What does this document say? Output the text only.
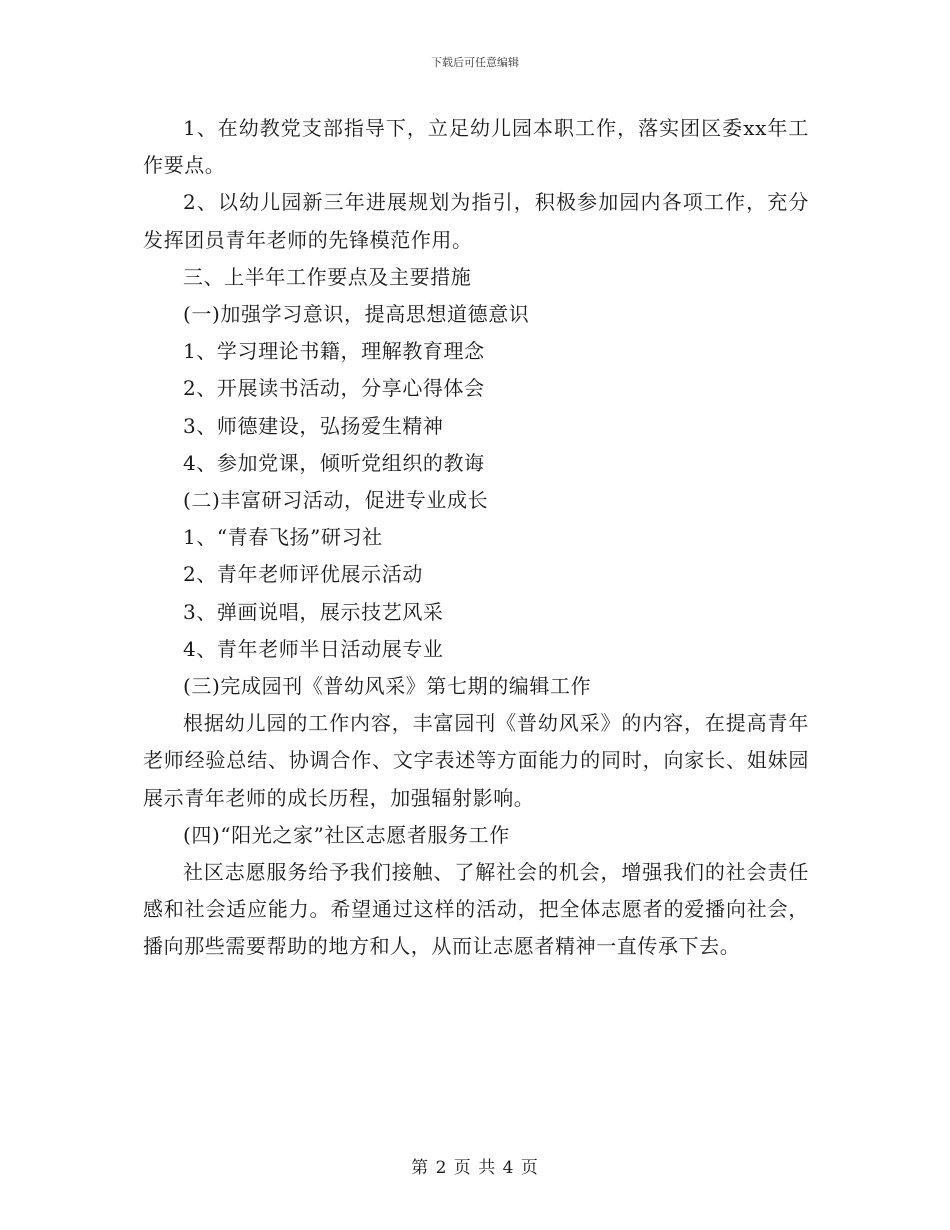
下载后可任意编辑

1、在幼教党支部指导下，立足幼儿园本职工作，落实团区委xx年工作要点。

2、以幼儿园新三年进展规划为指引，积极参加园内各项工作，充分发挥团员青年老师的先锋模范作用。

三、上半年工作要点及主要措施

(一)加强学习意识，提高思想道德意识

1、学习理论书籍，理解教育理念

2、开展读书活动，分享心得体会

3、师德建设，弘扬爱生精神

4、参加党课，倾听党组织的教诲

(二)丰富研习活动，促进专业成长

1、“青春飞扬”研习社

2、青年老师评优展示活动

3、弹画说唱，展示技艺风采

4、青年老师半日活动展专业

(三)完成园刊《普幼风采》第七期的编辑工作

根据幼儿园的工作内容，丰富园刊《普幼风采》的内容，在提高青年老师经验总结、协调合作、文字表述等方面能力的同时，向家长、姐妹园展示青年老师的成长历程，加强辐射影响。

(四)“阳光之家”社区志愿者服务工作

社区志愿服务给予我们接触、了解社会的机会，增强我们的社会责任感和社会适应能力。希望通过这样的活动，把全体志愿者的爱播向社会，播向那些需要帮助的地方和人，从而让志愿者精神一直传承下去。

第 2 页 共 4 页
